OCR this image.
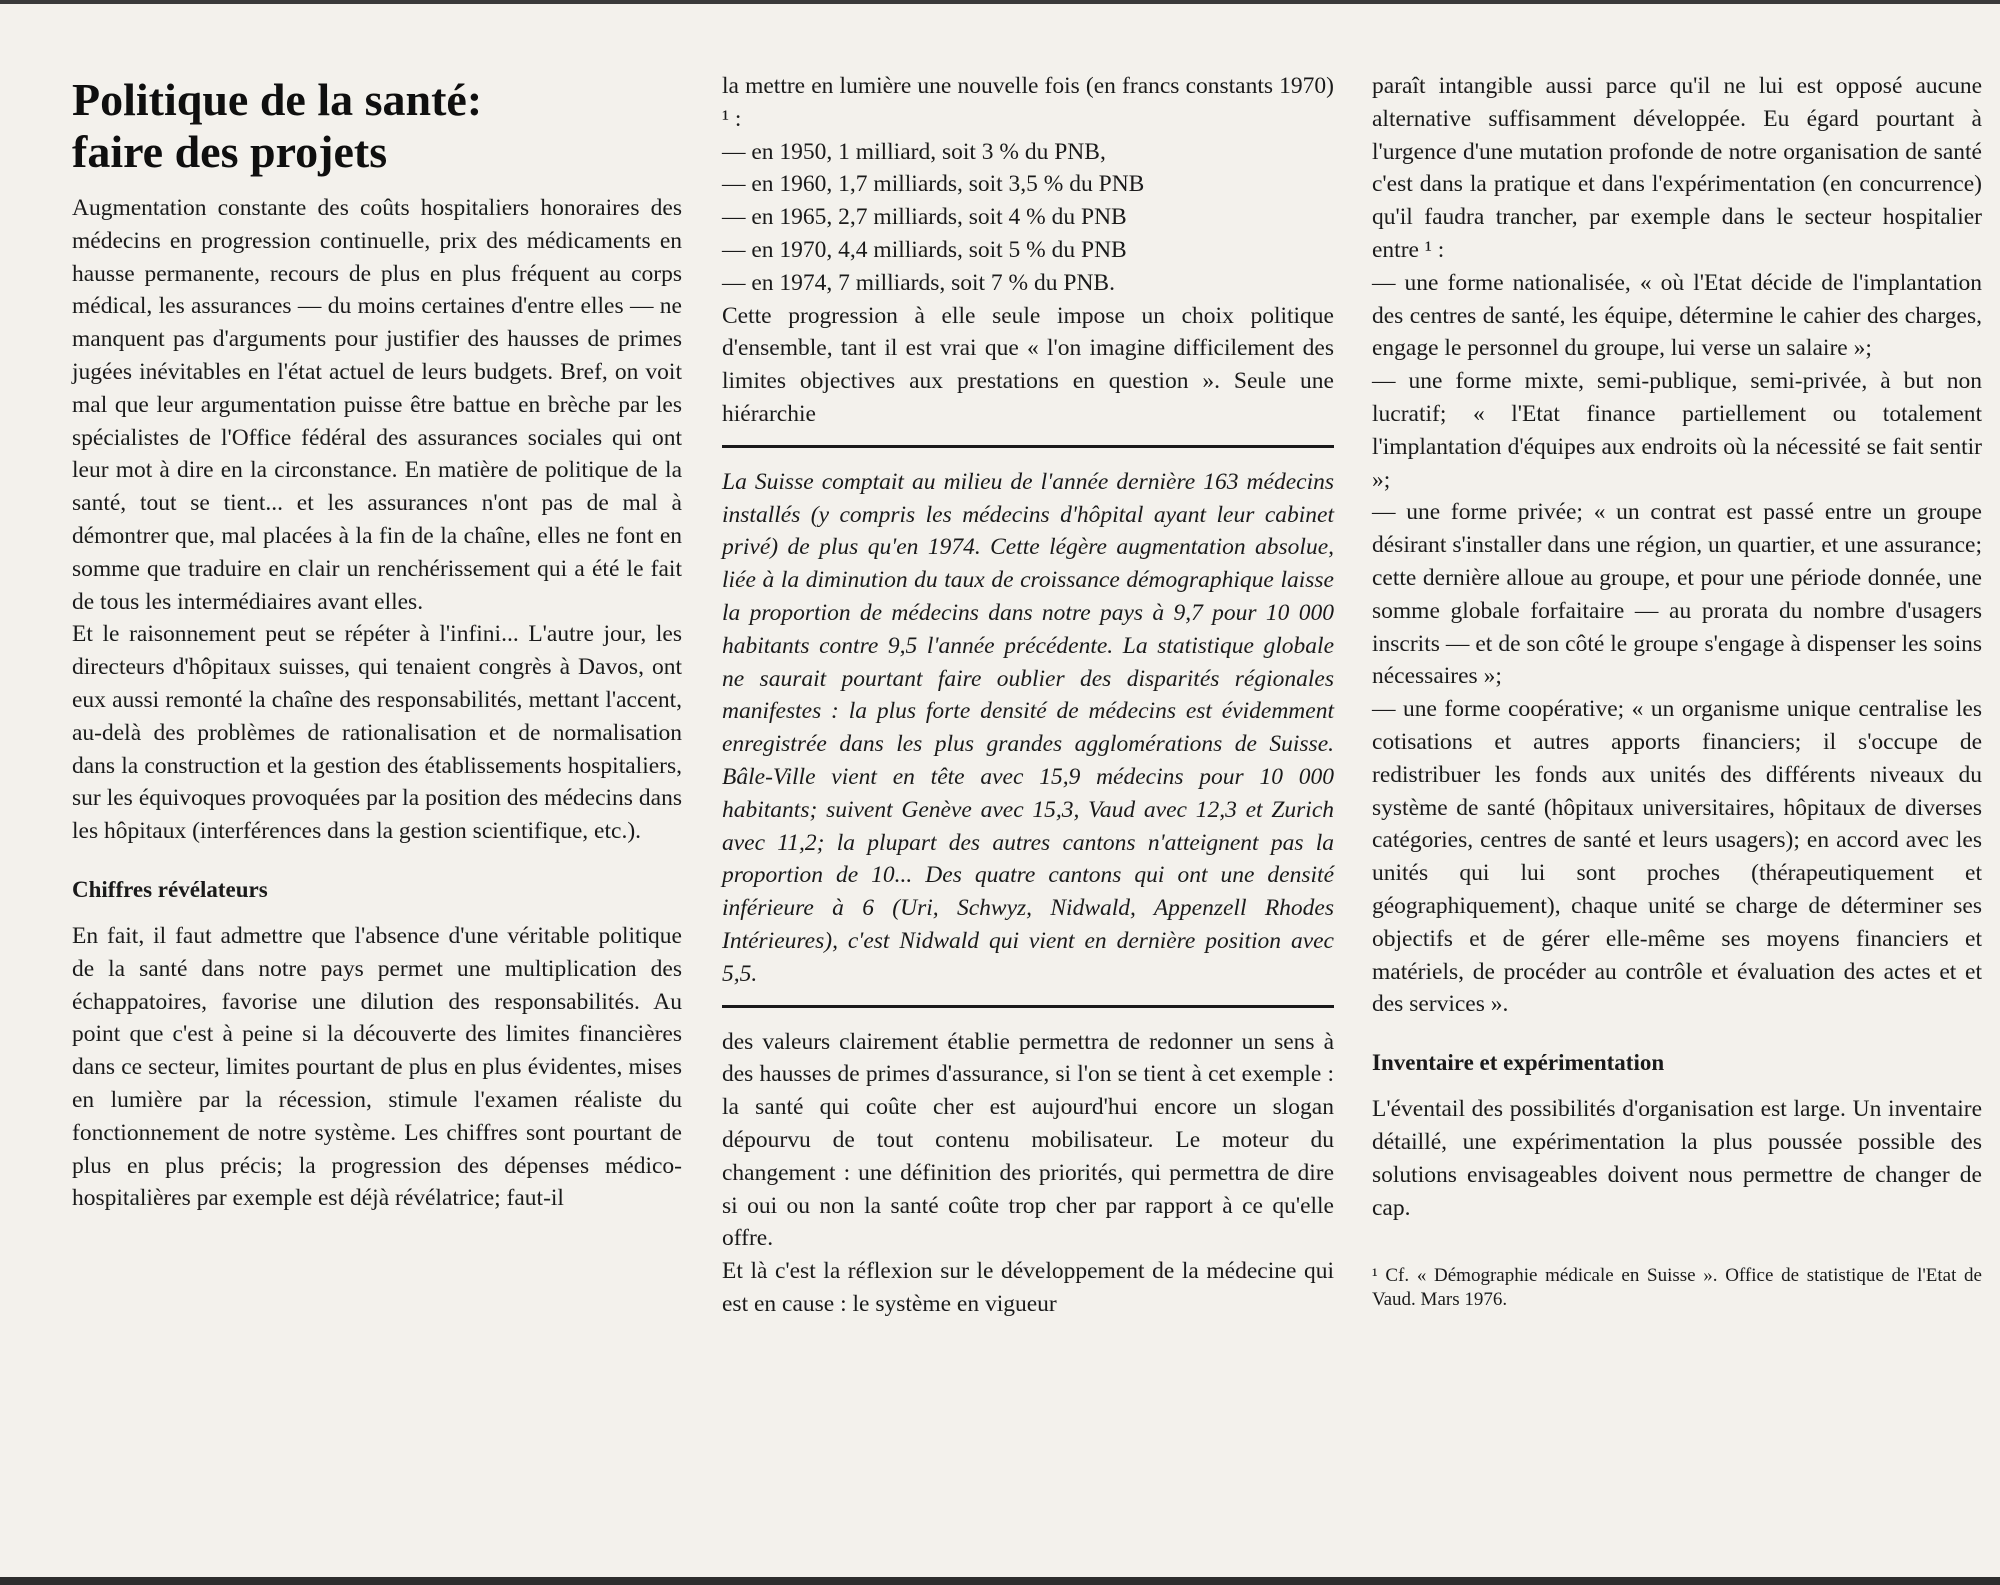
Politique de la santé:
faire des projets

Augmentation constante des coûts hospitaliers honoraires des médecins en progression continuelle, prix des médicaments en hausse permanente, recours de plus en plus fréquent au corps médical, les assurances — du moins certaines d'entre elles — ne manquent pas d'arguments pour justifier des hausses de primes jugées inévitables en l'état actuel de leurs budgets. Bref, on voit mal que leur argumentation puisse être battue en brèche par les spécialistes de l'Office fédéral des assurances sociales qui ont leur mot à dire en la circonstance. En matière de politique de la santé, tout se tient... et les assurances n'ont pas de mal à démontrer que, mal placées à la fin de la chaîne, elles ne font en somme que traduire en clair un renchérissement qui a été le fait de tous les intermédiaires avant elles.

Et le raisonnement peut se répéter à l'infini... L'autre jour, les directeurs d'hôpitaux suisses, qui tenaient congrès à Davos, ont eux aussi remonté la chaîne des responsabilités, mettant l'accent, au-delà des problèmes de rationalisation et de normalisation dans la construction et la gestion des établissements hospitaliers, sur les équivoques provoquées par la position des médecins dans les hôpitaux (interférences dans la gestion scientifique, etc.).

Chiffres révélateurs

En fait, il faut admettre que l'absence d'une véritable politique de la santé dans notre pays permet une multiplication des échappatoires, favorise une dilution des responsabilités. Au point que c'est à peine si la découverte des limites financières dans ce secteur, limites pourtant de plus en plus évidentes, mises en lumière par la récession, stimule l'examen réaliste du fonctionnement de notre système. Les chiffres sont pourtant de plus en plus précis; la progression des dépenses médico-hospitalières par exemple est déjà révélatrice; faut-il

la mettre en lumière une nouvelle fois (en francs constants 1970) ¹ :

— en 1950, 1 milliard, soit 3 % du PNB,
— en 1960, 1,7 milliards, soit 3,5 % du PNB
— en 1965, 2,7 milliards, soit 4 % du PNB
— en 1970, 4,4 milliards, soit 5 % du PNB
— en 1974, 7 milliards, soit 7 % du PNB.

Cette progression à elle seule impose un choix politique d'ensemble, tant il est vrai que « l'on imagine difficilement des limites objectives aux prestations en question ». Seule une hiérarchie

La Suisse comptait au milieu de l'année dernière 163 médecins installés (y compris les médecins d'hôpital ayant leur cabinet privé) de plus qu'en 1974. Cette légère augmentation absolue, liée à la diminution du taux de croissance démographique laisse la proportion de médecins dans notre pays à 9,7 pour 10 000 habitants contre 9,5 l'année précédente. La statistique globale ne saurait pourtant faire oublier des disparités régionales manifestes : la plus forte densité de médecins est évidemment enregistrée dans les plus grandes agglomérations de Suisse. Bâle-Ville vient en tête avec 15,9 médecins pour 10 000 habitants; suivent Genève avec 15,3, Vaud avec 12,3 et Zurich avec 11,2; la plupart des autres cantons n'atteignent pas la proportion de 10... Des quatre cantons qui ont une densité inférieure à 6 (Uri, Schwyz, Nidwald, Appenzell Rhodes Intérieures), c'est Nidwald qui vient en dernière position avec 5,5.

des valeurs clairement établie permettra de redonner un sens à des hausses de primes d'assurance, si l'on se tient à cet exemple : la santé qui coûte cher est aujourd'hui encore un slogan dépourvu de tout contenu mobilisateur. Le moteur du changement : une définition des priorités, qui permettra de dire si oui ou non la santé coûte trop cher par rapport à ce qu'elle offre.

Et là c'est la réflexion sur le développement de la médecine qui est en cause : le système en vigueur

paraît intangible aussi parce qu'il ne lui est opposé aucune alternative suffisamment développée. Eu égard pourtant à l'urgence d'une mutation profonde de notre organisation de santé c'est dans la pratique et dans l'expérimentation (en concurrence) qu'il faudra trancher, par exemple dans le secteur hospitalier entre ¹ :

— une forme nationalisée, « où l'Etat décide de l'implantation des centres de santé, les équipe, détermine le cahier des charges, engage le personnel du groupe, lui verse un salaire »;

— une forme mixte, semi-publique, semi-privée, à but non lucratif; « l'Etat finance partiellement ou totalement l'implantation d'équipes aux endroits où la nécessité se fait sentir »;

— une forme privée; « un contrat est passé entre un groupe désirant s'installer dans une région, un quartier, et une assurance; cette dernière alloue au groupe, et pour une période donnée, une somme globale forfaitaire — au prorata du nombre d'usagers inscrits — et de son côté le groupe s'engage à dispenser les soins nécessaires »;

— une forme coopérative; « un organisme unique centralise les cotisations et autres apports financiers; il s'occupe de redistribuer les fonds aux unités des différents niveaux du système de santé (hôpitaux universitaires, hôpitaux de diverses catégories, centres de santé et leurs usagers); en accord avec les unités qui lui sont proches (thérapeutiquement et géographiquement), chaque unité se charge de déterminer ses objectifs et de gérer elle-même ses moyens financiers et matériels, de procéder au contrôle et évaluation des actes et et des services ».

Inventaire et expérimentation

L'éventail des possibilités d'organisation est large. Un inventaire détaillé, une expérimentation la plus poussée possible des solutions envisageables doivent nous permettre de changer de cap.

¹ Cf. « Démographie médicale en Suisse ». Office de statistique de l'Etat de Vaud. Mars 1976.
